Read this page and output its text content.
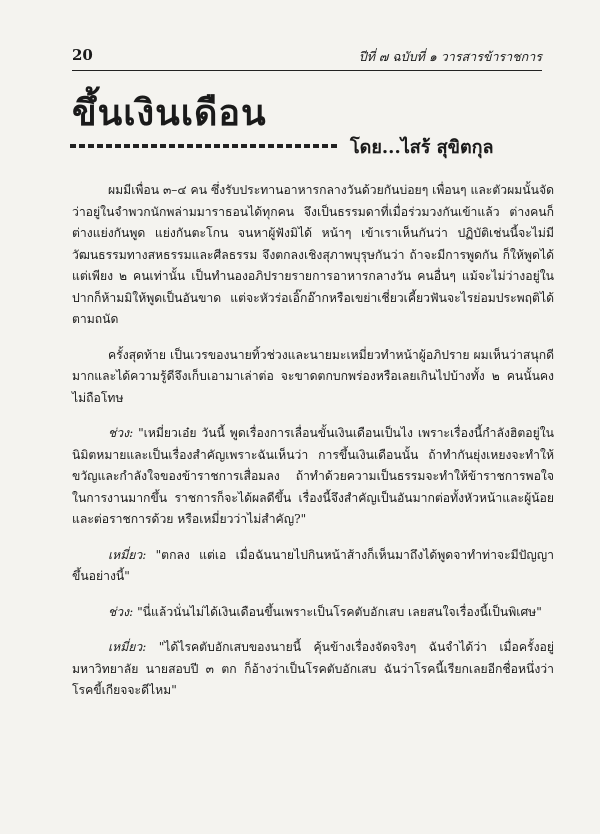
20	ปีที่ ๗ ฉบับที่ ๑ วารสารข้าราชการ
ขึ้นเงินเดือน
โดย...ไสร้ สุขิตกุล

ผมมีเพื่อน ๓–๔ คน ซึ่งรับประทานอาหารกลางวันด้วยกันบ่อยๆ เพื่อนๆ และตัวผมนั้นจัดว่าอยู่ในจำพวกนักพล่ามมาราธอนได้ทุกคน จึงเป็นธรรมดาที่เมื่อร่วมวงกันเข้าแล้ว ต่างคนก็ต่างแย่งกันพูด แย่งกันตะโกน จนหาผู้ฟังมิได้ หน้าๆ เข้าเราเห็นกันว่า ปฏิบัติเช่นนี้จะไม่มีวัฒนธรรมทางสหธรรมและศีลธรรม จึงตกลงเชิงสุภาพบุรุษกันว่า ถ้าจะมีการพูดกัน ก็ให้พูดได้แต่เพียง ๒ คนเท่านั้น เป็นทำนองอภิปรายรายการอาหารกลางวัน คนอื่นๆ แม้จะไม่ว่างอยู่ในปากก็ห้ามมิให้พูดเป็นอันขาด แต่จะหัวร่อเอิ๊กอ๊ากหรือเขย่าเชี่ยวเคี้ยวฟันจะไรย่อมประพฤติได้ตามถนัด

ครั้งสุดท้าย เป็นเวรของนายทิ้วช่วงและนายมะเหมี่ยวทำหน้าผู้อภิปราย ผมเห็นว่าสนุกดีมากและได้ความรู้ดีจึงเก็บเอามาเล่าต่อ จะขาดตกบกพร่องหรือเลยเกินไปบ้างทั้ง ๒ คนนั้นคงไม่ถือโทษ

ช่วง: "เหมี่ยวเอ๋ย วันนี้ พูดเรื่องการเลื่อนขั้นเงินเดือนเป็นไง เพราะเรื่องนี้กำลังฮิตอยู่ในนิมิตหมายและเป็นเรื่องสำคัญเพราะฉันเห็นว่า การขึ้นเงินเดือนนั้น ถ้าทำกันยุ่งเหยงจะทำให้ขวัญและกำลังใจของข้าราชการเสื่อมลง ถ้าทำด้วยความเป็นธรรมจะทำให้ข้าราชการพอใจในการงานมากขึ้น ราชการก็จะได้ผลดีขึ้น เรื่องนี้จึงสำคัญเป็นอันมากต่อทั้งหัวหน้าและผู้น้อยและต่อราชการด้วย หรือเหมี่ยวว่าไม่สำคัญ?"

เหมี่ยว: "ตกลง แต่เอ เมื่อฉันนายไปกินหน้าส้างก็เห็นมาถึงได้พูดจาทำท่าจะมีปัญญาขึ้นอย่างนี้"

ช่วง: "นี่แล้วนั่นไม่ได้เงินเดือนขึ้นเพราะเป็นโรคตับอักเสบ เลยสนใจเรื่องนี้เป็นพิเศษ"

เหมี่ยว: "ได้ไรคตับอักเสบของนายนี้ คุ้นข้างเรื่องจัดจริงๆ ฉันจำได้ว่า เมื่อครั้งอยู่มหาวิทยาลัย นายสอบปี ๓ ตก ก็อ้างว่าเป็นโรคตับอักเสบ ฉันว่าโรคนี้เรียกเลยอีกชื่อหนึ่งว่าโรคขี้เกียจจะดีไหม"
